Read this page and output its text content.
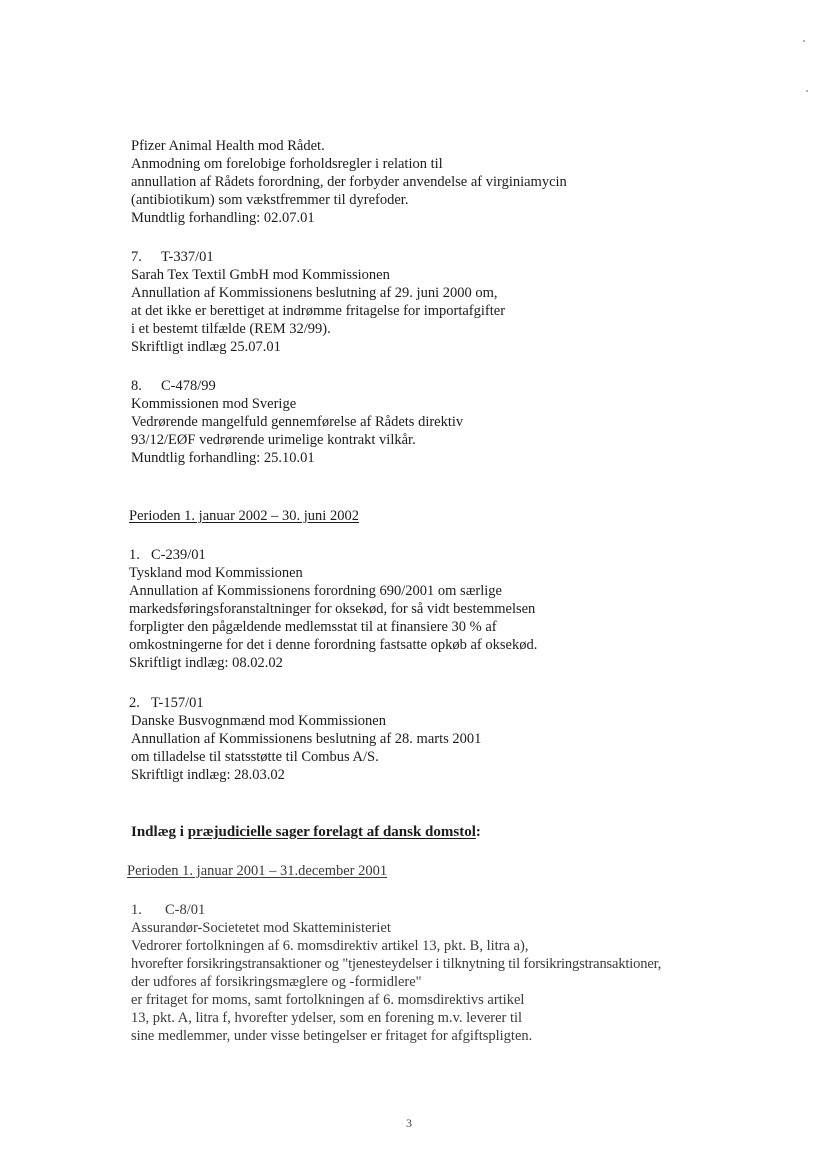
Pfizer Animal Health mod Rådet.
Anmodning om forelobige forholdsregler i relation til
annullation af Rådets forordning, der forbyder anvendelse af virginiamycin
(antibiotikum) som vækstfremmer til dyrefoder.
Mundtlig forhandling: 02.07.01
7. T-337/01
Sarah Tex Textil GmbH mod Kommissionen
Annullation af Kommissionens beslutning af 29. juni 2000 om,
at det ikke er berettiget at indrømme fritagelse for importafgifter
i et bestemt tilfælde (REM 32/99).
Skriftligt indlæg 25.07.01
8. C-478/99
Kommissionen mod Sverige
Vedrørende mangelfuld gennemførelse af Rådets direktiv
93/12/EØF vedrørende urimelige kontrakt vilkår.
Mundtlig forhandling: 25.10.01
Perioden 1. januar 2002 – 30. juni 2002
1. C-239/01
Tyskland mod Kommissionen
Annullation af Kommissionens forordning 690/2001 om særlige
markedsføringsforanstaltninger for oksekød, for så vidt bestemmelsen
forpligter den pågældende medlemsstat til at finansiere 30 % af
omkostningerne for det i denne forordning fastsatte opkøb af oksekød.
Skriftligt indlæg: 08.02.02
2. T-157/01
Danske Busvognmænd mod Kommissionen
Annullation af Kommissionens beslutning af 28. marts 2001
om tilladelse til statsstøtte til Combus A/S.
Skriftligt indlæg: 28.03.02
Indlæg i præjudicielle sager forelagt af dansk domstol:
Perioden 1. januar 2001 – 31.december 2001
1. C-8/01
Assurandør-Societetet mod Skatteministeriet
Vedrorer fortolkningen af 6. momsdirektiv artikel 13, pkt. B, litra a),
hvorefter forsikringstransaktioner og "tjenesteydelser i tilknytning til forsikringstransaktioner,
der udfores af forsikringsmæglere og -formidlere"
er fritaget for moms, samt fortolkningen af 6. momsdirektivs artikel
13, pkt. A, litra f, hvorefter ydelser, som en forening m.v. leverer til
sine medlemmer, under visse betingelser er fritaget for afgiftspligten.
3
